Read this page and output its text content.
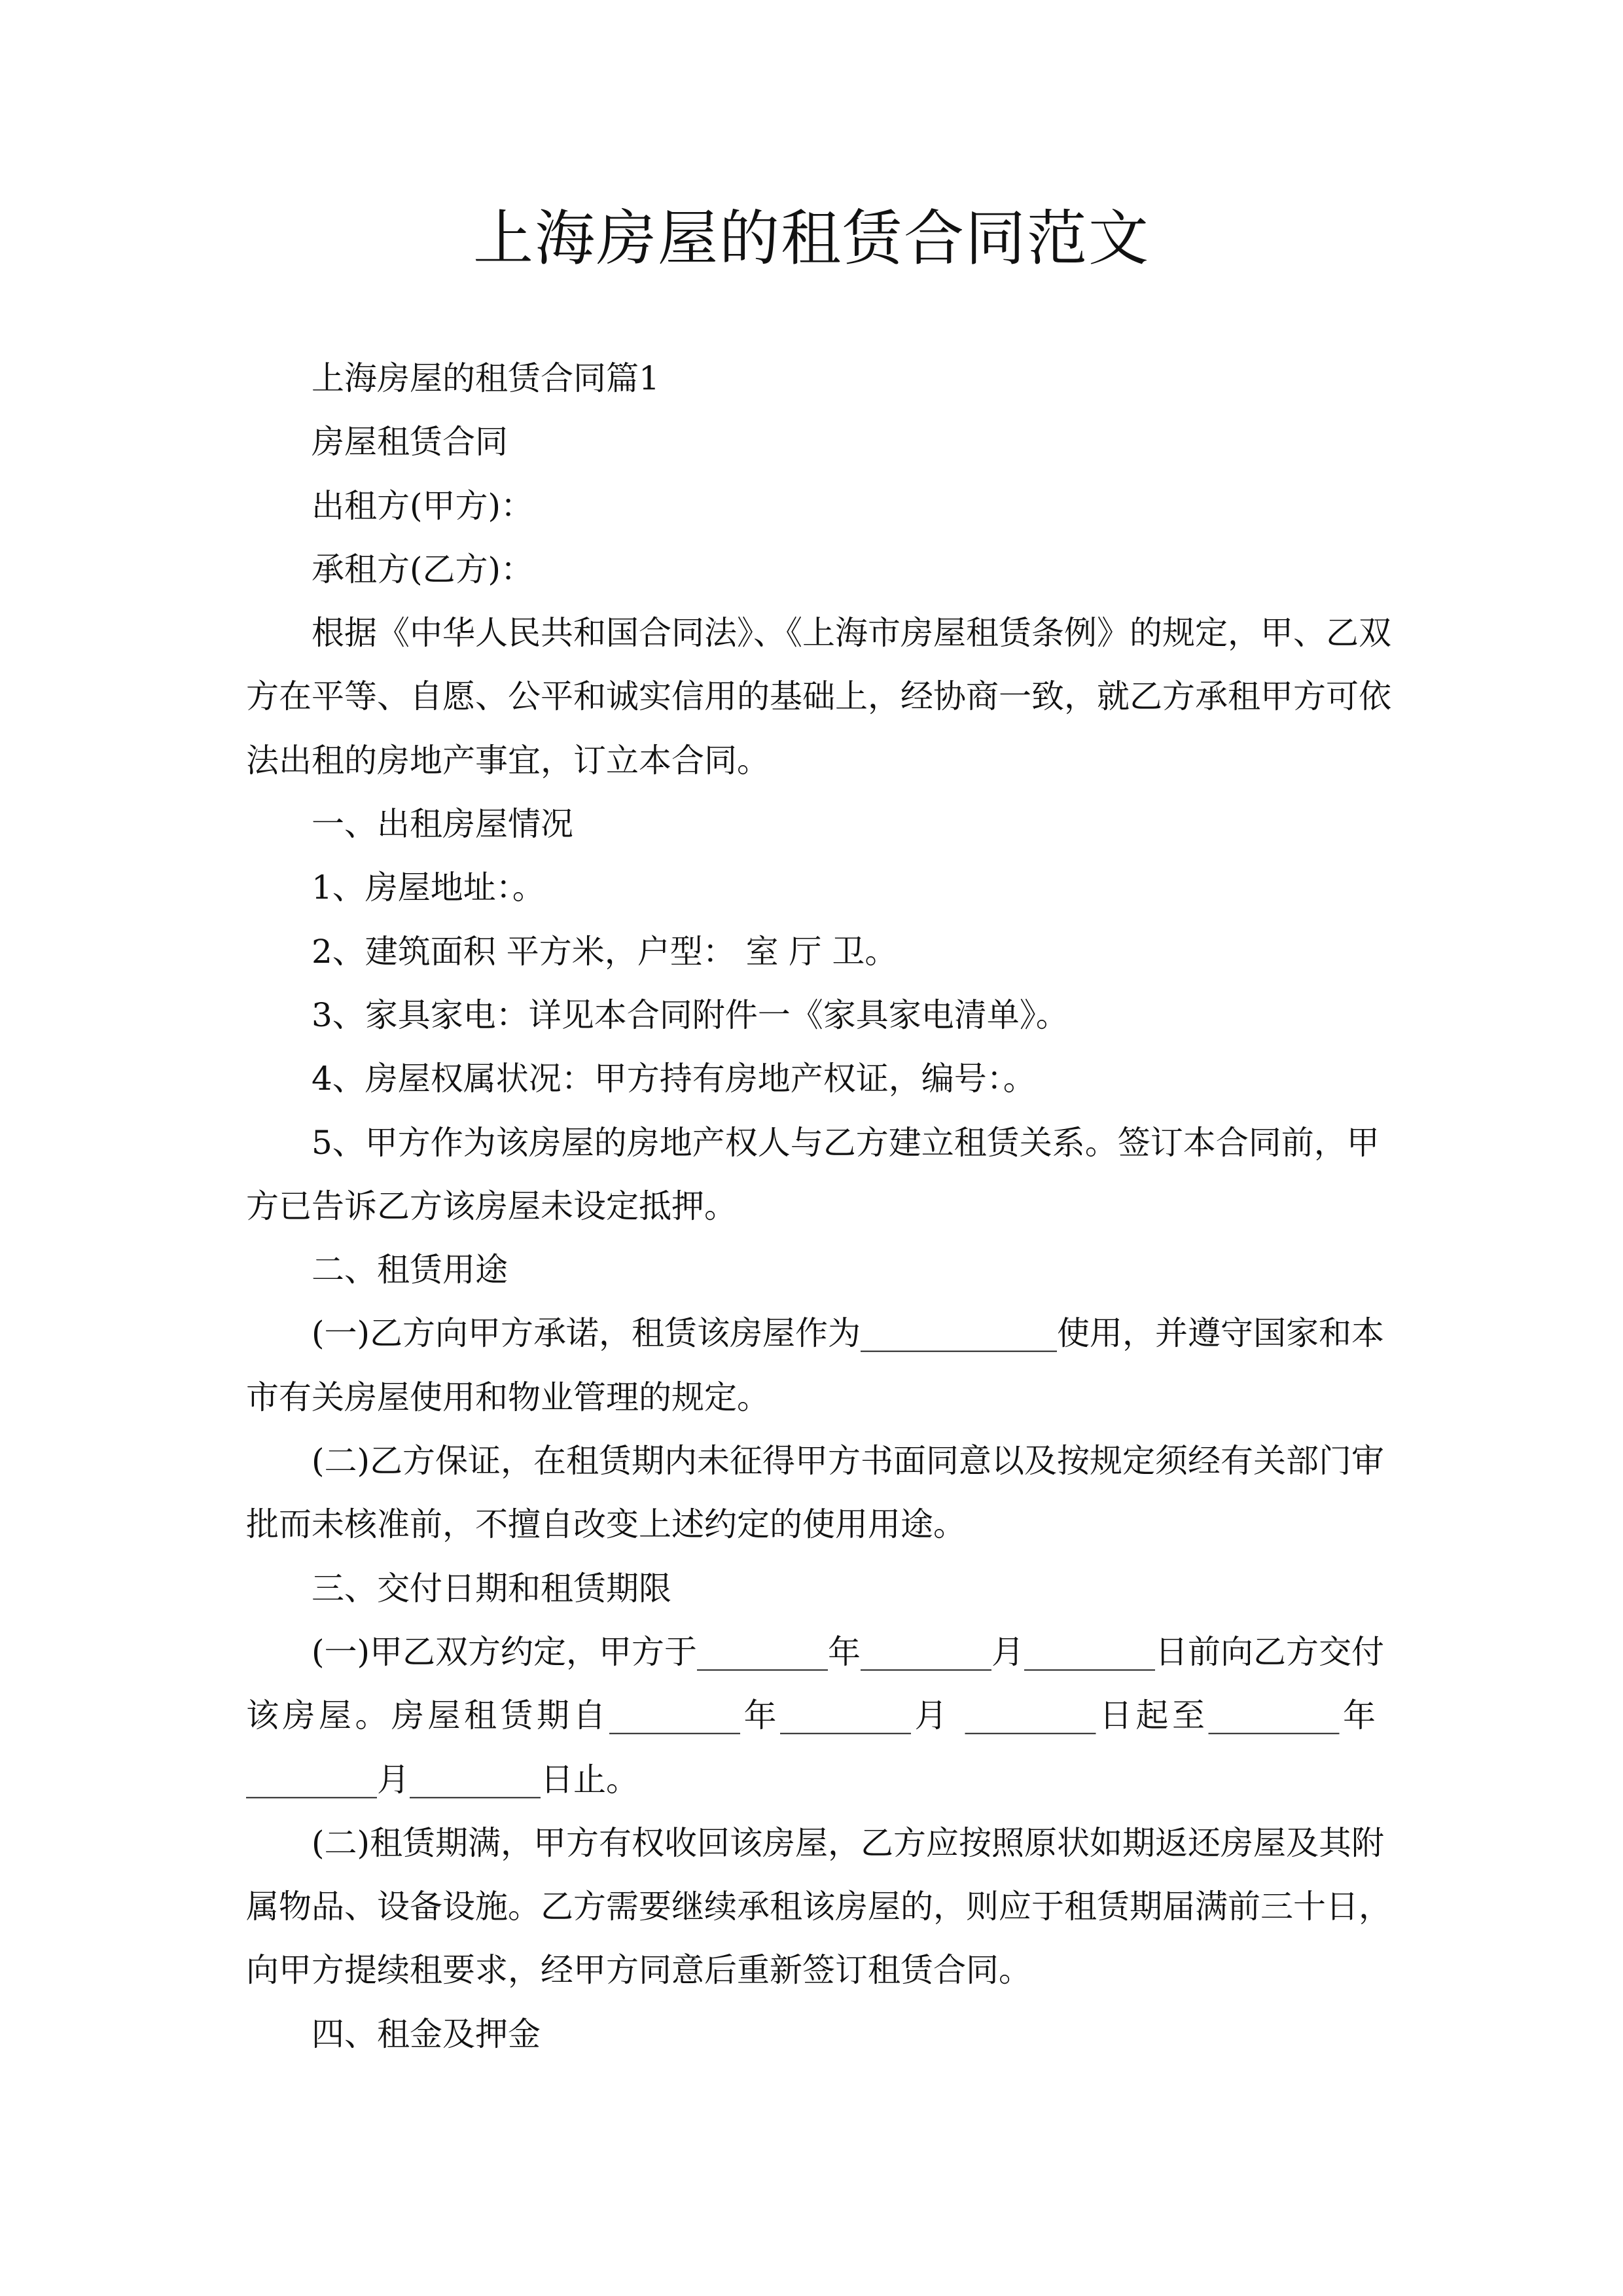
上海房屋的租赁合同范文
上海房屋的租赁合同篇1
房屋租赁合同
出租方(甲方)：
承租方(乙方)：
根据《中华人民共和国合同法》、《上海市房屋租赁条例》的规定，甲、乙双
方在平等、自愿、公平和诚实信用的基础上，经协商一致，就乙方承租甲方可依
法出租的房地产事宜，订立本合同。
一、出租房屋情况
1、房屋地址：。
2、建筑面积 平方米，户型： 室 厅 卫。
3、家具家电：详见本合同附件一《家具家电清单》。
4、房屋权属状况：甲方持有房地产权证，编号：。
5、甲方作为该房屋的房地产权人与乙方建立租赁关系。签订本合同前，甲
方已告诉乙方该房屋未设定抵押。
二、租赁用途
(一)乙方向甲方承诺，租赁该房屋作为____________使用，并遵守国家和本
市有关房屋使用和物业管理的规定。
(二)乙方保证，在租赁期内未征得甲方书面同意以及按规定须经有关部门审
批而未核准前，不擅自改变上述约定的使用用途。
三、交付日期和租赁期限
(一)甲乙双方约定，甲方于________年________月________日前向乙方交付
该房屋。房屋租赁期自________年________月 ________日起至________年
________月________日止。
(二)租赁期满，甲方有权收回该房屋，乙方应按照原状如期返还房屋及其附
属物品、设备设施。乙方需要继续承租该房屋的，则应于租赁期届满前三十日，
向甲方提续租要求，经甲方同意后重新签订租赁合同。
四、租金及押金
